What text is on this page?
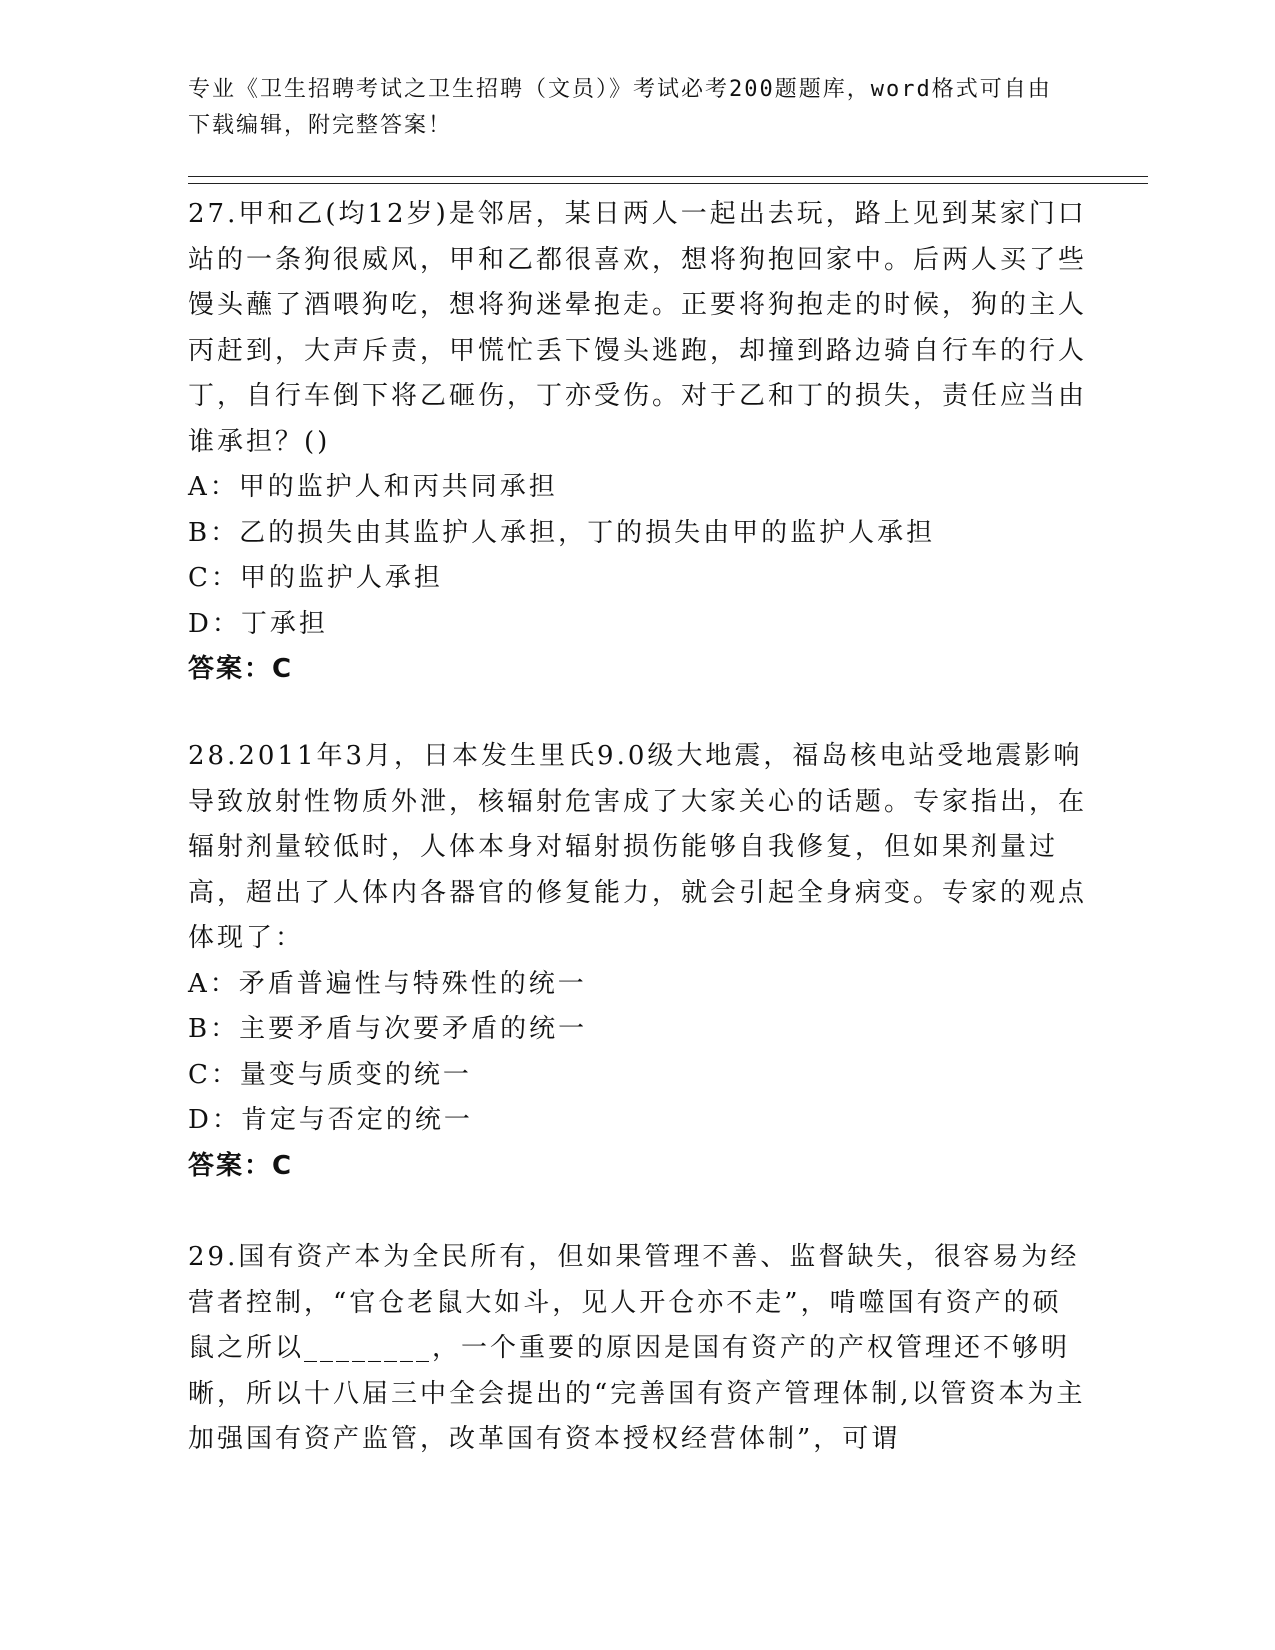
专业《卫生招聘考试之卫生招聘（文员）》考试必考200题题库，word格式可自由下载编辑，附完整答案！
27.甲和乙(均12岁)是邻居，某日两人一起出去玩，路上见到某家门口站的一条狗很威风，甲和乙都很喜欢，想将狗抱回家中。后两人买了些馒头蘸了酒喂狗吃，想将狗迷晕抱走。正要将狗抱走的时候，狗的主人丙赶到，大声斥责，甲慌忙丢下馒头逃跑，却撞到路边骑自行车的行人丁，自行车倒下将乙砸伤，丁亦受伤。对于乙和丁的损失，责任应当由谁承担？()
A：甲的监护人和丙共同承担
B：乙的损失由其监护人承担，丁的损失由甲的监护人承担
C：甲的监护人承担
D：丁承担
答案：C
28.2011年3月，日本发生里氏9.0级大地震，福岛核电站受地震影响导致放射性物质外泄，核辐射危害成了大家关心的话题。专家指出，在辐射剂量较低时，人体本身对辐射损伤能够自我修复，但如果剂量过高，超出了人体内各器官的修复能力，就会引起全身病变。专家的观点体现了：
A：矛盾普遍性与特殊性的统一
B：主要矛盾与次要矛盾的统一
C：量变与质变的统一
D：肯定与否定的统一
答案：C
29.国有资产本为全民所有，但如果管理不善、监督缺失，很容易为经营者控制，“官仓老鼠大如斗，见人开仓亦不走”，啃噬国有资产的硕鼠之所以________，一个重要的原因是国有资产的产权管理还不够明晰，所以十八届三中全会提出的“完善国有资产管理体制,以管资本为主加强国有资产监管，改革国有资本授权经营体制”，可谓
